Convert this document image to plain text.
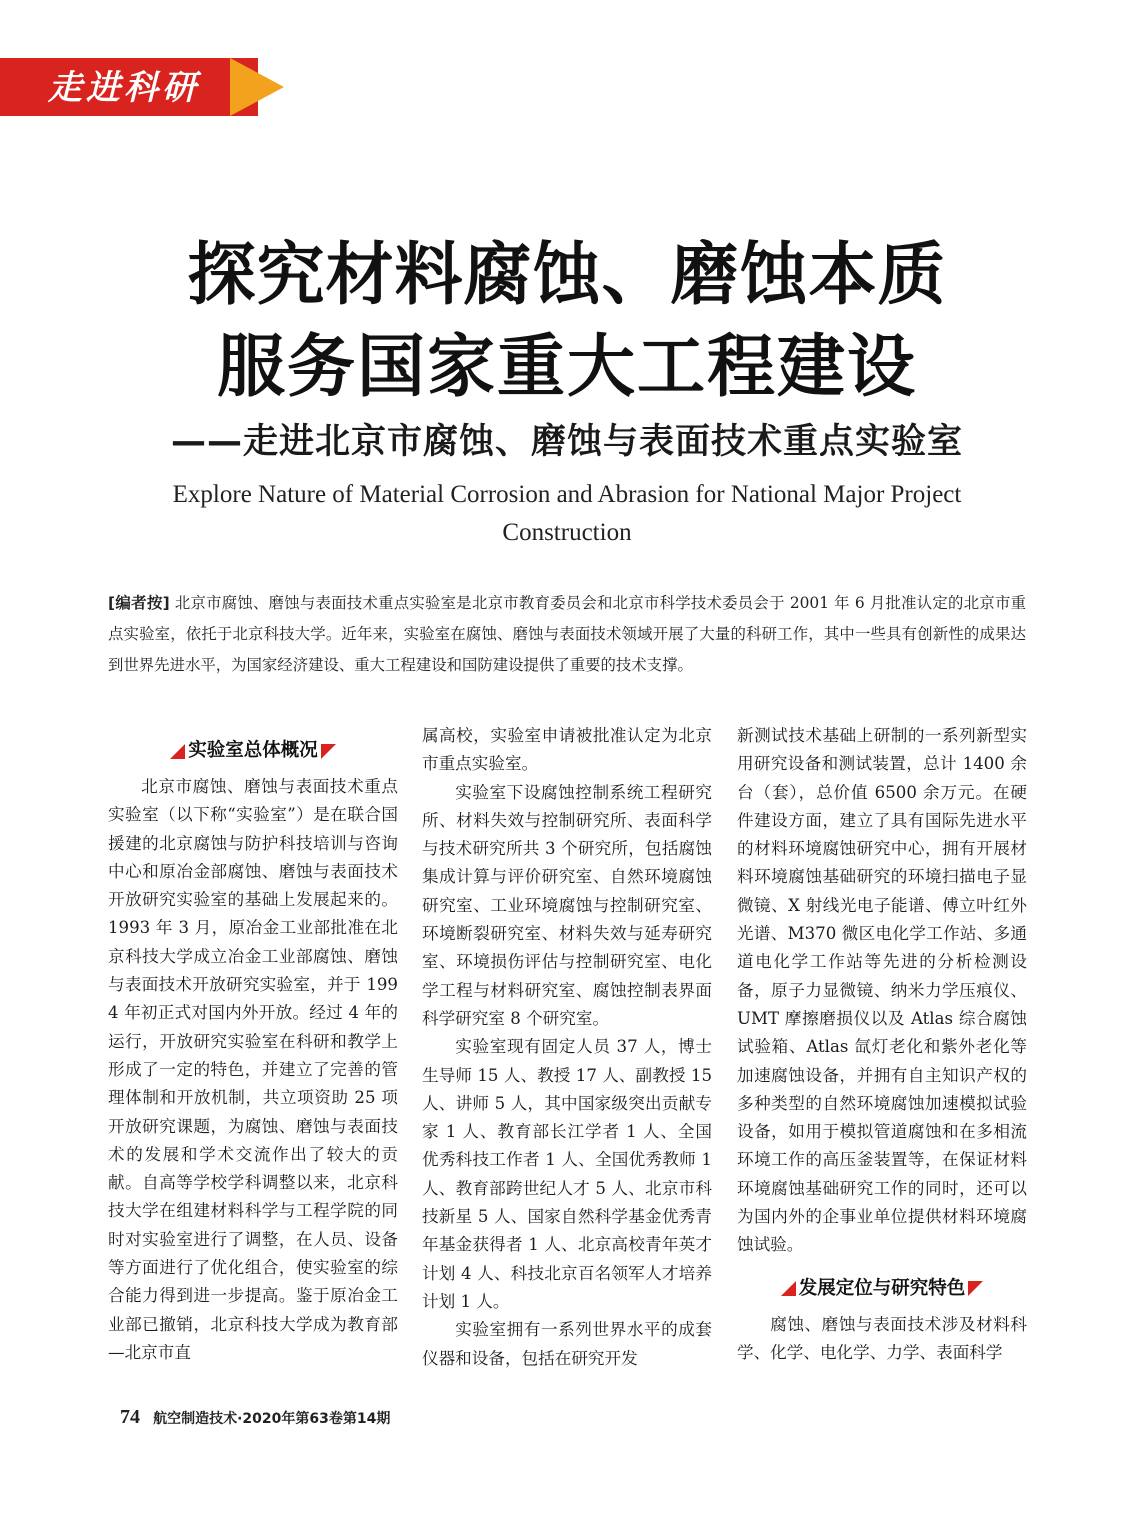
走进科研
探究材料腐蚀、磨蚀本质
服务国家重大工程建设
——走进北京市腐蚀、磨蚀与表面技术重点实验室
Explore Nature of Material Corrosion and Abrasion for National Major Project Construction
[编者按] 北京市腐蚀、磨蚀与表面技术重点实验室是北京市教育委员会和北京市科学技术委员会于 2001 年 6 月批准认定的北京市重点实验室，依托于北京科技大学。近年来，实验室在腐蚀、磨蚀与表面技术领域开展了大量的科研工作，其中一些具有创新性的成果达到世界先进水平，为国家经济建设、重大工程建设和国防建设提供了重要的技术支撑。
实验室总体概况

北京市腐蚀、磨蚀与表面技术重点实验室（以下称“实验室”）是在联合国援建的北京腐蚀与防护科技培训与咨询中心和原冶金部腐蚀、磨蚀与表面技术开放研究实验室的基础上发展起来的。1993 年 3 月，原冶金工业部批准在北京科技大学成立冶金工业部腐蚀、磨蚀与表面技术开放研究实验室，并于 1994 年初正式对国内外开放。经过 4 年的运行，开放研究实验室在科研和教学上形成了一定的特色，并建立了完善的管理体制和开放机制，共立项资助 25 项开放研究课题，为腐蚀、磨蚀与表面技术的发展和学术交流作出了较大的贡献。自高等学校学科调整以来，北京科技大学在组建材料科学与工程学院的同时对实验室进行了调整，在人员、设备等方面进行了优化组合，使实验室的综合能力得到进一步提高。鉴于原冶金工业部已撤销，北京科技大学成为教育部—北京市直

属高校，实验室申请被批准认定为北京市重点实验室。

实验室下设腐蚀控制系统工程研究所、材料失效与控制研究所、表面科学与技术研究所共 3 个研究所，包括腐蚀集成计算与评价研究室、自然环境腐蚀研究室、工业环境腐蚀与控制研究室、环境断裂研究室、材料失效与延寿研究室、环境损伤评估与控制研究室、电化学工程与材料研究室、腐蚀控制表界面科学研究室 8 个研究室。

实验室现有固定人员 37 人，博士生导师 15 人、教授 17 人、副教授 15 人、讲师 5 人，其中国家级突出贡献专家 1 人、教育部长江学者 1 人、全国优秀科技工作者 1 人、全国优秀教师 1 人、教育部跨世纪人才 5 人、北京市科技新星 5 人、国家自然科学基金优秀青年基金获得者 1 人、北京高校青年英才计划 4 人、科技北京百名领军人才培养计划 1 人。

实验室拥有一系列世界水平的成套仪器和设备，包括在研究开发

新测试技术基础上研制的一系列新型实用研究设备和测试装置，总计 1400 余台（套），总价值 6500 余万元。在硬件建设方面，建立了具有国际先进水平的材料环境腐蚀研究中心，拥有开展材料环境腐蚀基础研究的环境扫描电子显微镜、X 射线光电子能谱、傅立叶红外光谱、M370 微区电化学工作站、多通道电化学工作站等先进的分析检测设备，原子力显微镜、纳米力学压痕仪、UMT 摩擦磨损仪以及 Atlas 综合腐蚀试验箱、Atlas 氙灯老化和紫外老化等加速腐蚀设备，并拥有自主知识产权的多种类型的自然环境腐蚀加速模拟试验设备，如用于模拟管道腐蚀和在多相流环境工作的高压釜装置等，在保证材料环境腐蚀基础研究工作的同时，还可以为国内外的企事业单位提供材料环境腐蚀试验。

发展定位与研究特色

腐蚀、磨蚀与表面技术涉及材料科学、化学、电化学、力学、表面科学

74 航空制造技术·2020年第63卷第14期
